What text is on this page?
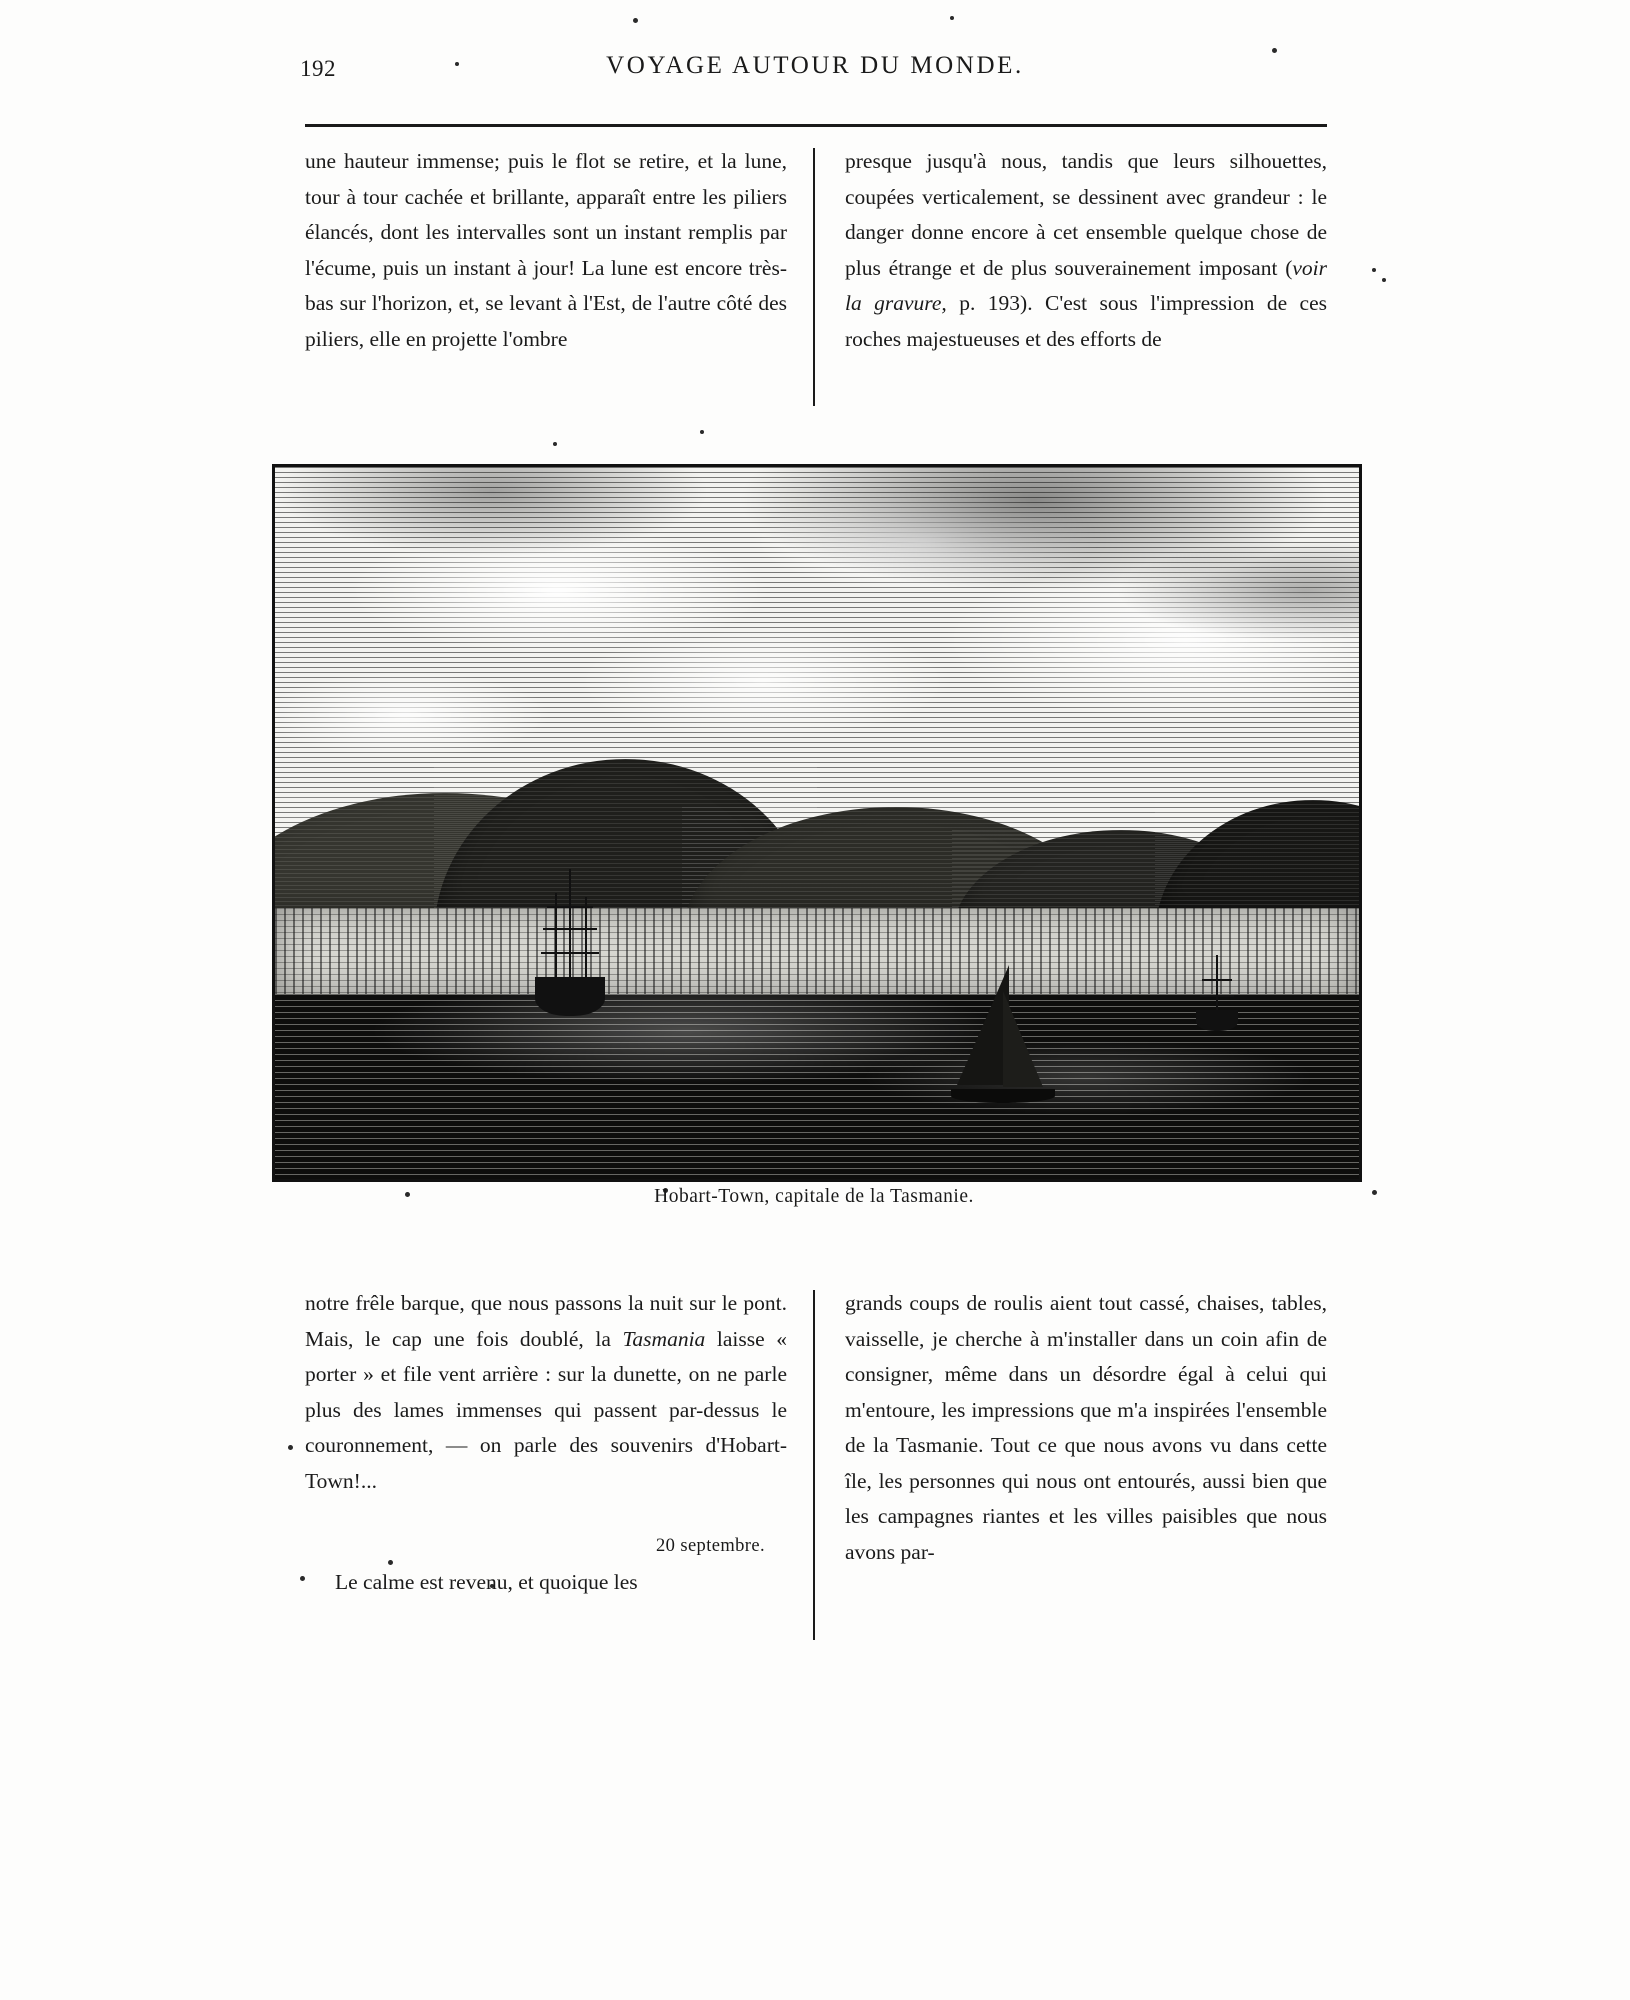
192	VOYAGE AUTOUR DU MONDE.

une hauteur immense; puis le flot se retire, et la lune, tour à tour cachée et brillante, apparaît entre les piliers élancés, dont les intervalles sont un instant remplis par l'écume, puis un instant à jour! La lune est encore très-bas sur l'horizon, et, se levant à l'Est, de l'autre côté des piliers, elle en projette l'ombre

presque jusqu'à nous, tandis que leurs silhouettes, coupées verticalement, se dessinent avec grandeur : le danger donne encore à cet ensemble quelque chose de plus étrange et de plus souverainement imposant (voir la gravure, p. 193). C'est sous l'impression de ces roches majestueuses et des efforts de

Hobart-Town, capitale de la Tasmanie.

notre frêle barque, que nous passons la nuit sur le pont. Mais, le cap une fois doublé, la Tasmania laisse « porter » et file vent arrière : sur la dunette, on ne parle plus des lames immenses qui passent par-dessus le couronnement, — on parle des souvenirs d'Hobart-Town!...

20 septembre.

Le calme est revenu, et quoique les

grands coups de roulis aient tout cassé, chaises, tables, vaisselle, je cherche à m'installer dans un coin afin de consigner, même dans un désordre égal à celui qui m'entoure, les impressions que m'a inspirées l'ensemble de la Tasmanie. Tout ce que nous avons vu dans cette île, les personnes qui nous ont entourés, aussi bien que les campagnes riantes et les villes paisibles que nous avons par-
